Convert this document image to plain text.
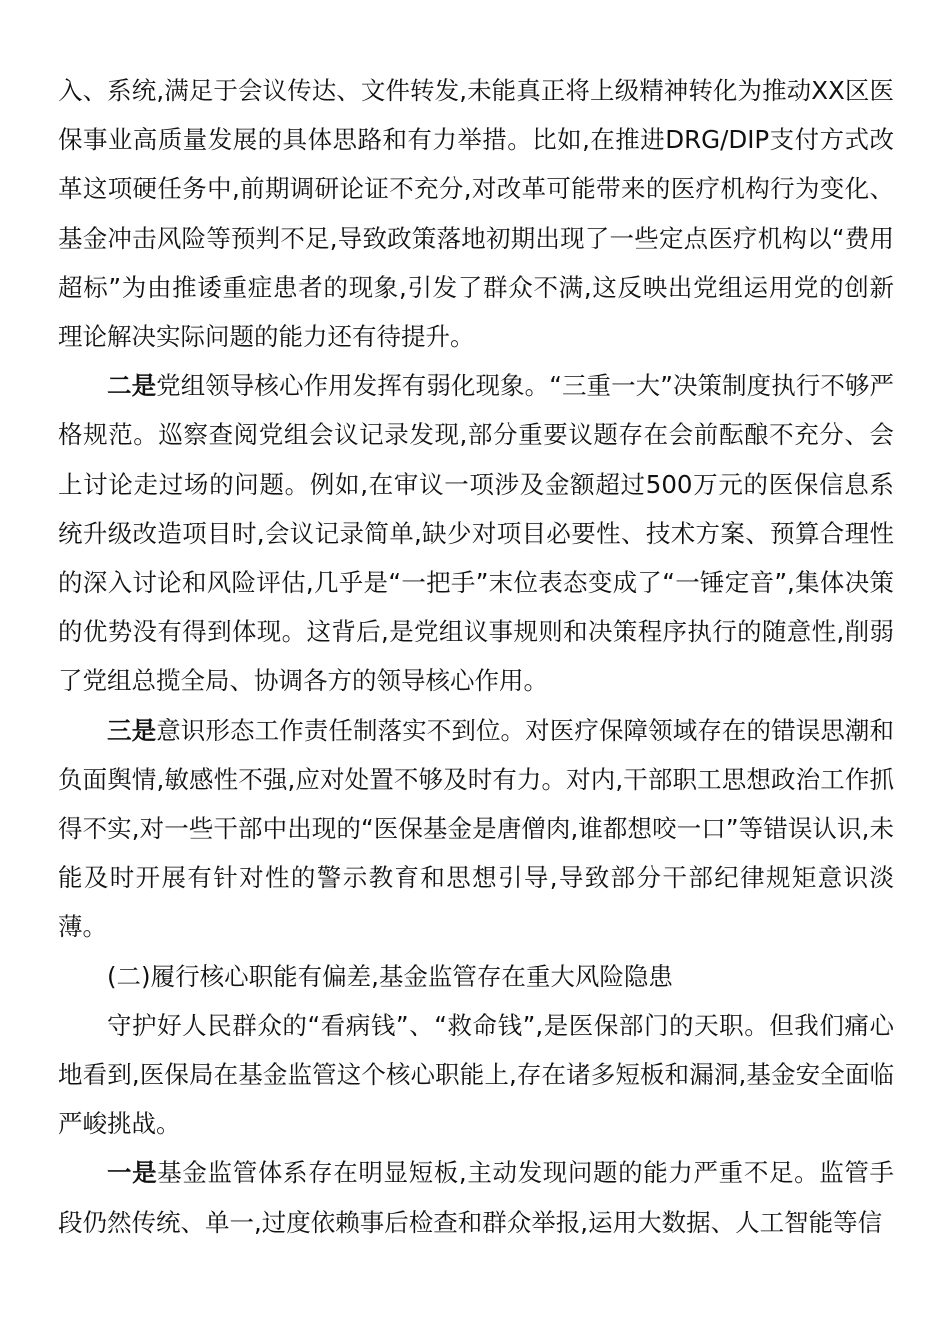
入、系统,满足于会议传达、文件转发,未能真正将上级精神转化为推动XX区医保事业高质量发展的具体思路和有力举措。比如,在推进DRG/DIP支付方式改革这项硬任务中,前期调研论证不充分,对改革可能带来的医疗机构行为变化、基金冲击风险等预判不足,导致政策落地初期出现了一些定点医疗机构以“费用超标”为由推诿重症患者的现象,引发了群众不满,这反映出党组运用党的创新理论解决实际问题的能力还有待提升。

二是党组领导核心作用发挥有弱化现象。“三重一大”决策制度执行不够严格规范。巡察查阅党组会议记录发现,部分重要议题存在会前酝酿不充分、会上讨论走过场的问题。例如,在审议一项涉及金额超过500万元的医保信息系统升级改造项目时,会议记录简单,缺少对项目必要性、技术方案、预算合理性的深入讨论和风险评估,几乎是“一把手”末位表态变成了“一锤定音”,集体决策的优势没有得到体现。这背后,是党组议事规则和决策程序执行的随意性,削弱了党组总揽全局、协调各方的领导核心作用。

三是意识形态工作责任制落实不到位。对医疗保障领域存在的错误思潮和负面舆情,敏感性不强,应对处置不够及时有力。对内,干部职工思想政治工作抓得不实,对一些干部中出现的“医保基金是唐僧肉,谁都想咬一口”等错误认识,未能及时开展有针对性的警示教育和思想引导,导致部分干部纪律规矩意识淡薄。

(二)履行核心职能有偏差,基金监管存在重大风险隐患

守护好人民群众的“看病钱”、“救命钱”,是医保部门的天职。但我们痛心地看到,医保局在基金监管这个核心职能上,存在诸多短板和漏洞,基金安全面临严峻挑战。

一是基金监管体系存在明显短板,主动发现问题的能力严重不足。监管手段仍然传统、单一,过度依赖事后检查和群众举报,运用大数据、人工智能等信
